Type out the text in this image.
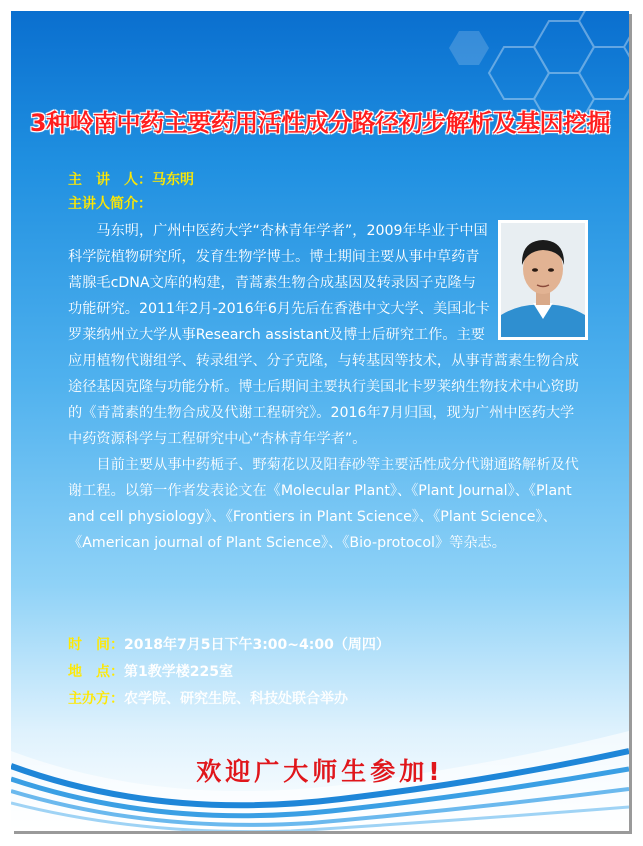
3种岭南中药主要药用活性成分路径初步解析及基因挖掘
主　讲　人：马东明
主讲人简介：

马东明，广州中医药大学“杏林青年学者”，2009年毕业于中国科学院植物研究所，发育生物学博士。博士期间主要从事中草药青蒿腺毛cDNA文库的构建，青蒿素生物合成基因及转录因子克隆与功能研究。2011年2月-2016年6月先后在香港中文大学、美国北卡罗莱纳州立大学从事Research assistant及博士后研究工作。主要应用植物代谢组学、转录组学、分子克隆，与转基因等技术，从事青蒿素生物合成途径基因克隆与功能分析。博士后期间主要执行美国北卡罗莱纳生物技术中心资助的《青蒿素的生物合成及代谢工程研究》。2016年7月归国，现为广州中医药大学中药资源科学与工程研究中心“杏林青年学者”。

目前主要从事中药栀子、野菊花以及阳春砂等主要活性成分代谢通路解析及代谢工程。以第一作者发表论文在《Molecular Plant》、《Plant Journal》、《Plant and cell physiology》、《Frontiers in Plant Science》、《Plant Science》、《American journal of Plant Science》、《Bio-protocol》等杂志。

时　间：2018年7月5日下午3:00~4:00（周四）
地　点：第1教学楼225室
主办方：农学院、研究生院、科技处联合举办
欢迎广大师生参加!
